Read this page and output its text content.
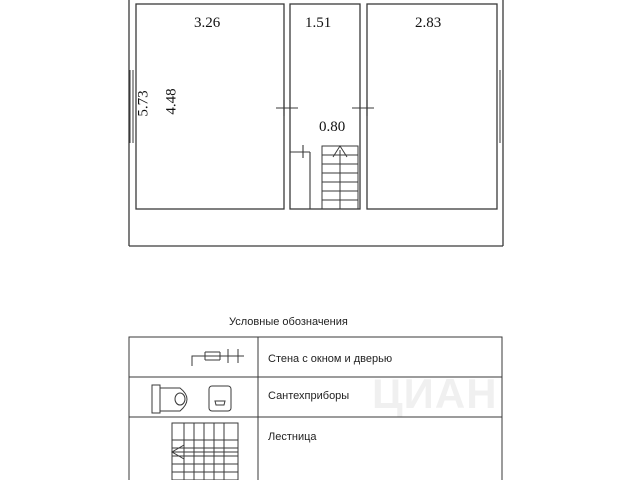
3.26	1.51	2.83
5.73 4.48
0.80
Условные обозначения
Стена с окном и дверью
Сантехприборы
Лестница
ЦИАН
